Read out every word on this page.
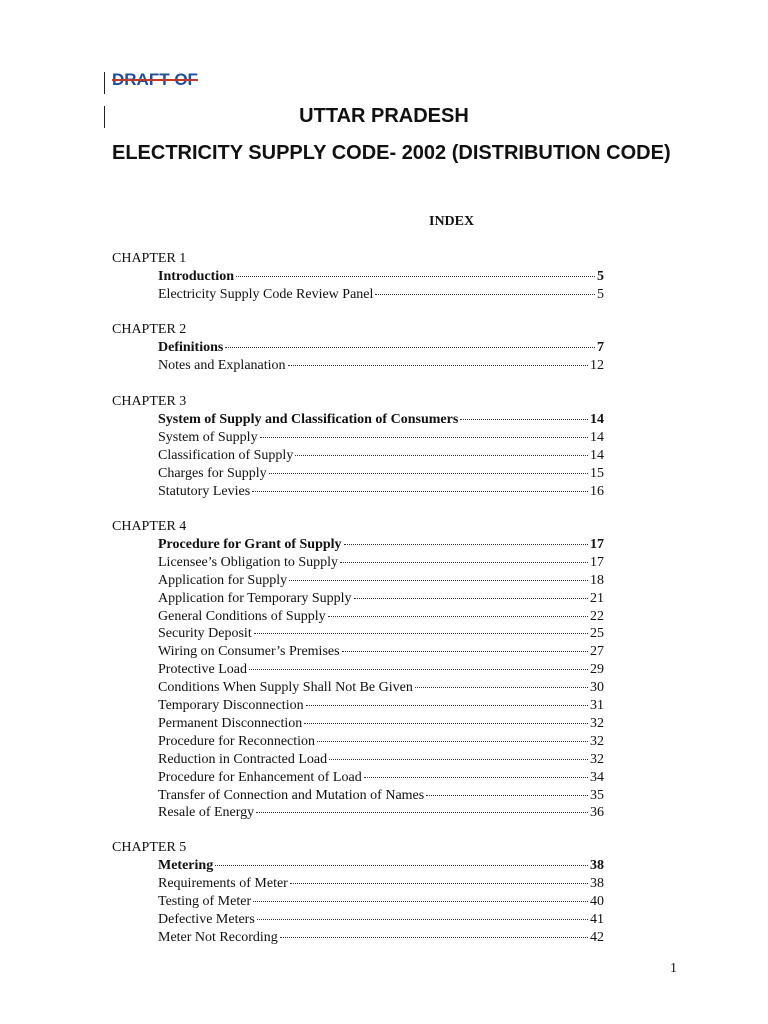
DRAFT OF
UTTAR PRADESH
ELECTRICITY SUPPLY CODE- 2002 (DISTRIBUTION CODE)
INDEX
CHAPTER 1
Introduction	5
Electricity Supply Code Review Panel	5
CHAPTER 2
Definitions	7
Notes and Explanation	12
CHAPTER 3
System of Supply and Classification of Consumers	14
System of Supply	14
Classification of Supply	14
Charges for Supply	15
Statutory Levies	16
CHAPTER 4
Procedure for Grant of Supply	17
Licensee’s Obligation to Supply	17
Application for Supply	18
Application for Temporary Supply	21
General Conditions of Supply	22
Security Deposit	25
Wiring on Consumer’s Premises	27
Protective Load	29
Conditions When Supply Shall Not Be Given	30
Temporary Disconnection	31
Permanent Disconnection	32
Procedure for Reconnection	32
Reduction in Contracted Load	32
Procedure for Enhancement of Load	34
Transfer of Connection and Mutation of Names	35
Resale of Energy	36
CHAPTER 5
Metering	38
Requirements of Meter	38
Testing of Meter	40
Defective Meters	41
Meter Not Recording	42
1
